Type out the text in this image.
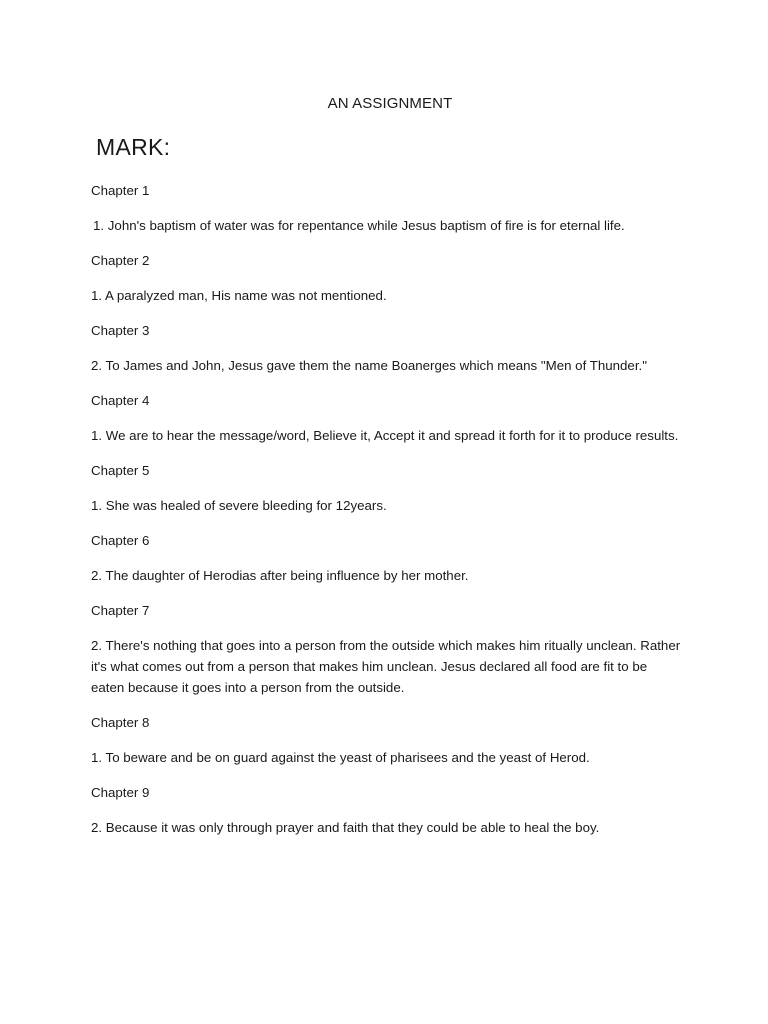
AN ASSIGNMENT
MARK:
Chapter 1
1. John's baptism of water was for repentance while Jesus baptism of fire is for eternal life.
Chapter 2
1. A paralyzed man, His name was not mentioned.
Chapter 3
2. To James and John, Jesus gave them the name Boanerges which means "Men of Thunder."
Chapter 4
1. We are to hear the message/word, Believe it, Accept it and spread it forth for it to produce results.
Chapter 5
1. She was healed of severe bleeding for 12years.
Chapter 6
2. The daughter of Herodias after being influence by her mother.
Chapter 7
2. There's nothing that goes into a person from the outside which makes him ritually unclean. Rather it's what comes out from a person that makes him unclean. Jesus declared all food are fit to be eaten because it goes into a person from the outside.
Chapter 8
1. To beware and be on guard against the yeast of pharisees and the yeast of Herod.
Chapter 9
2. Because it was only through prayer and faith that they could be able to heal the boy.
